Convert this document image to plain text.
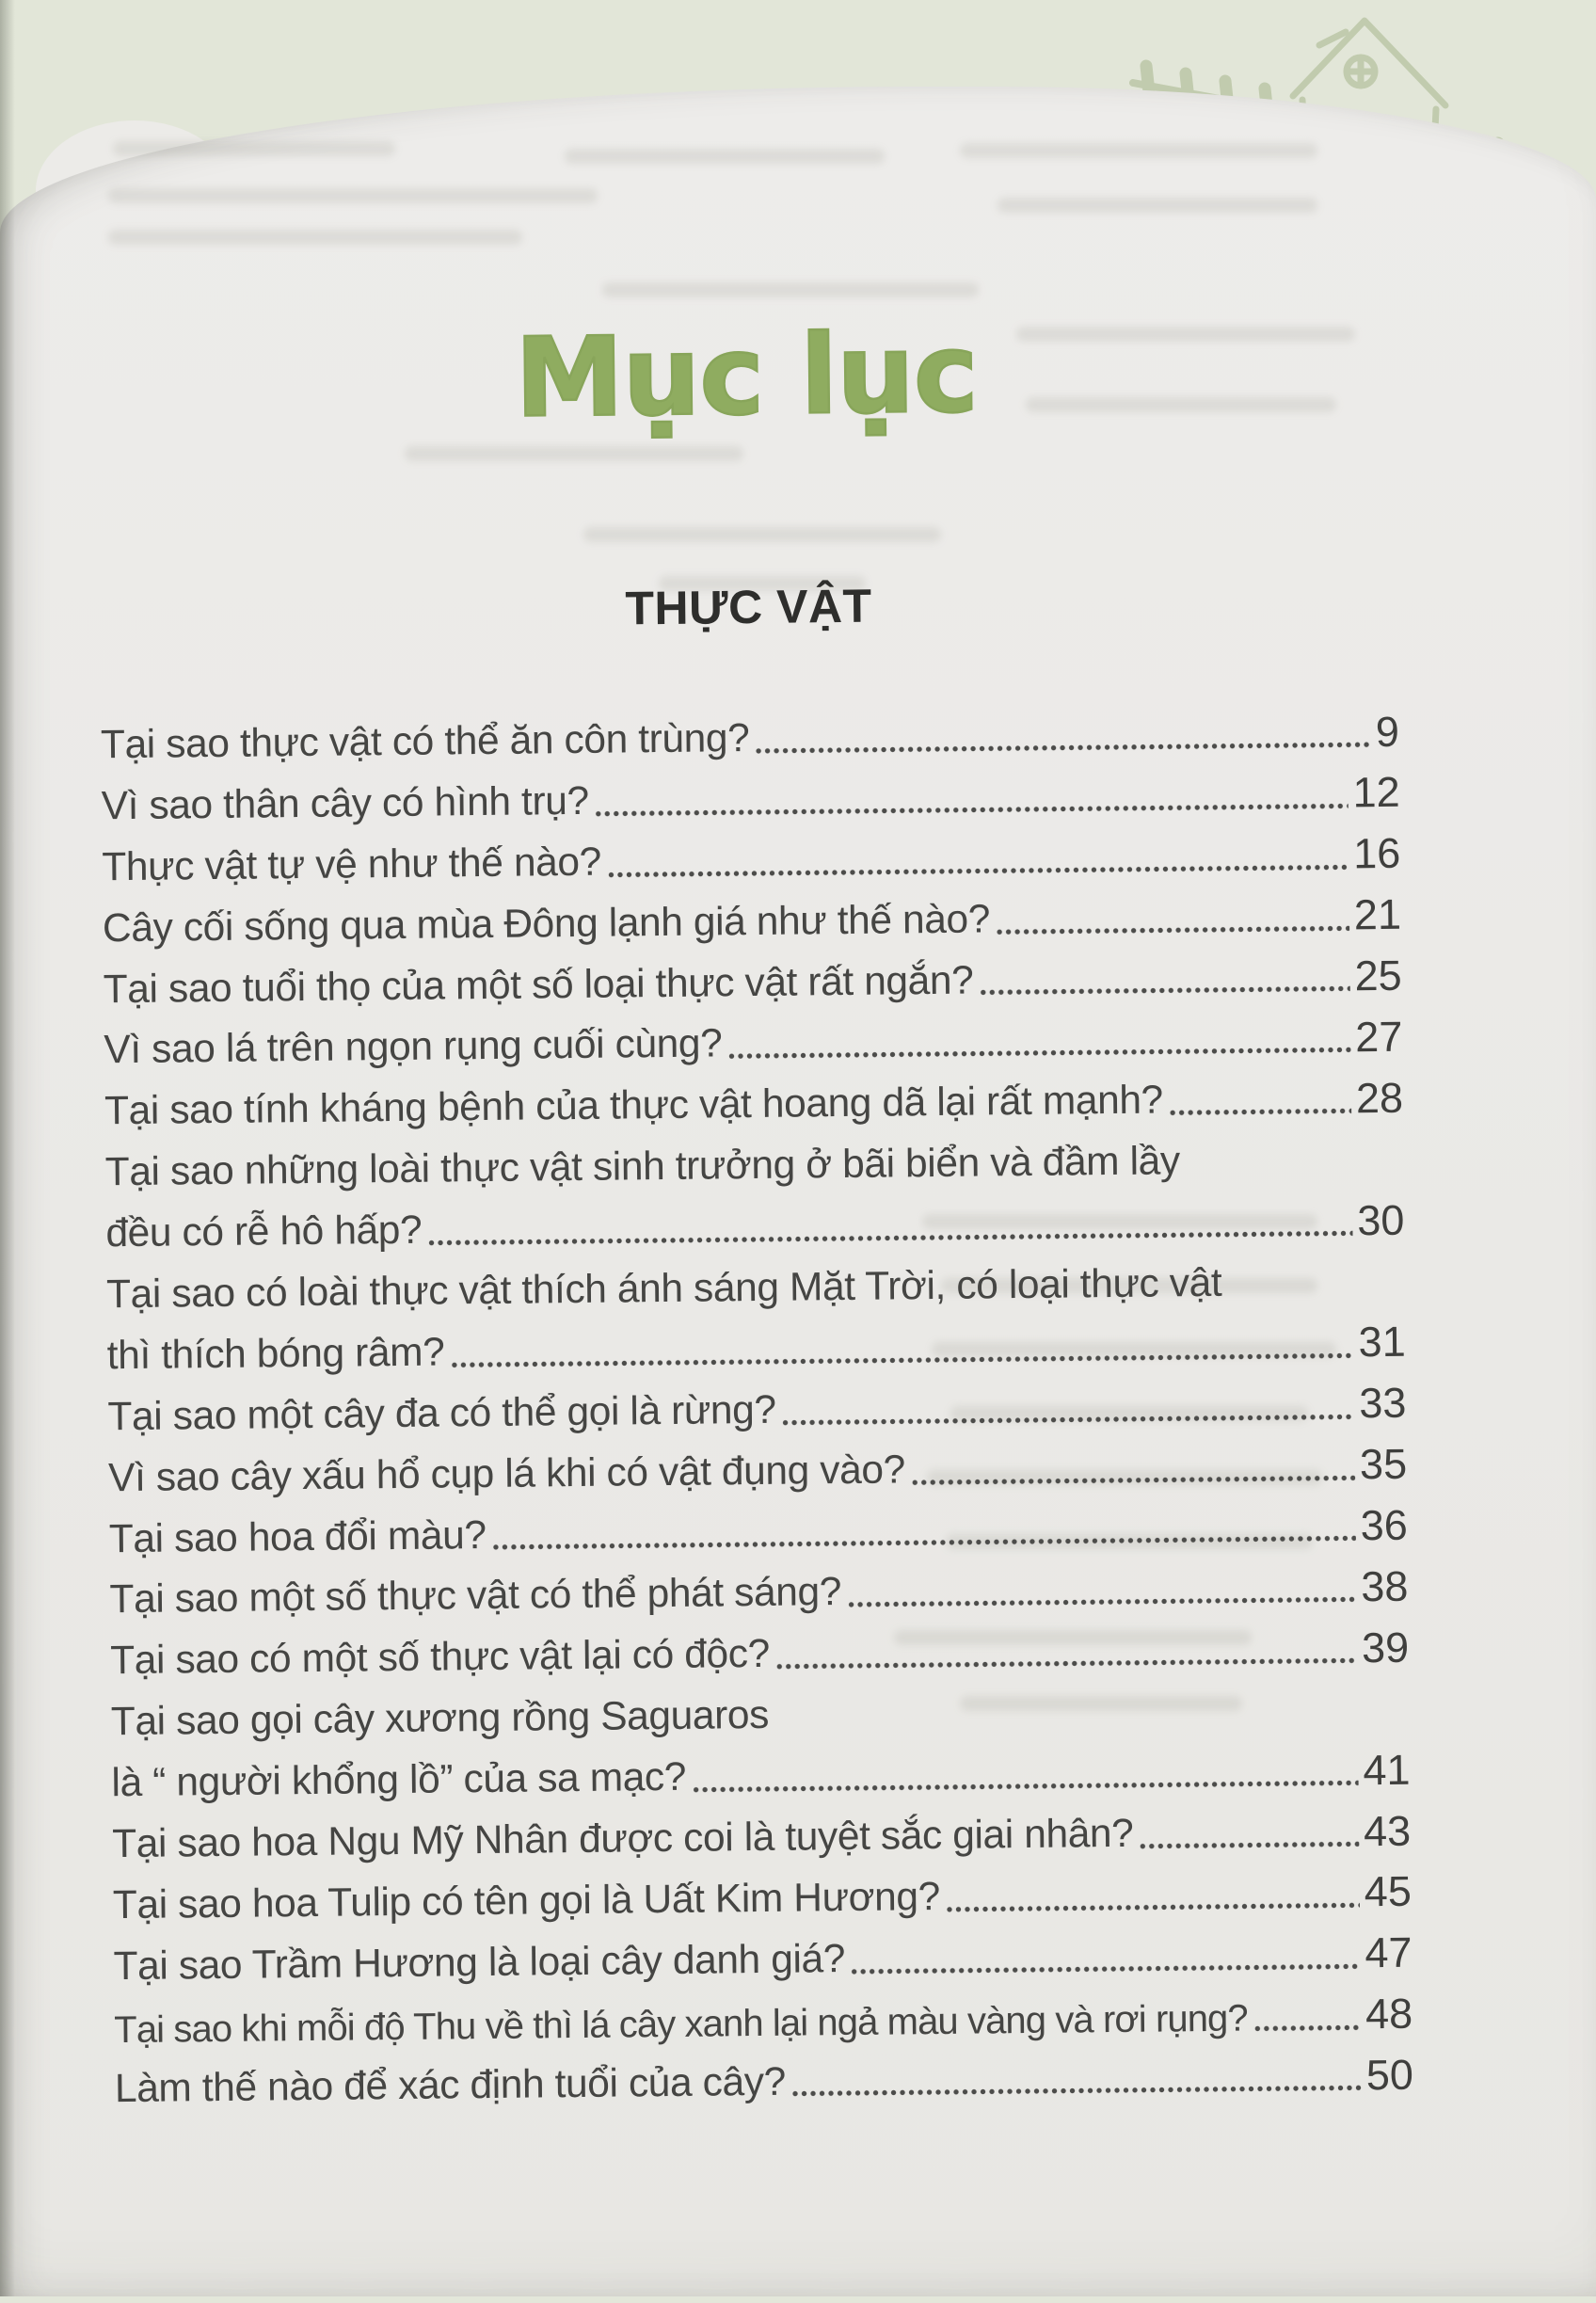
Mục lục
THỰC VẬT
Tại sao thực vật có thể ăn côn trùng?	9
Vì sao thân cây có hình trụ?	12
Thực vật tự vệ như thế nào?	16
Cây cối sống qua mùa Đông lạnh giá như thế nào?	21
Tại sao tuổi thọ của một số loại thực vật rất ngắn?	25
Vì sao lá trên ngọn rụng cuối cùng?	27
Tại sao tính kháng bệnh của thực vật hoang dã lại rất mạnh?	28
Tại sao những loài thực vật sinh trưởng ở bãi biển và đầm lầy
đều có rễ hô hấp?	30
Tại sao có loài thực vật thích ánh sáng Mặt Trời, có loại thực vật
thì thích bóng râm?	31
Tại sao một cây đa có thể gọi là rừng?	33
Vì sao cây xấu hổ cụp lá khi có vật đụng vào?	35
Tại sao hoa đổi màu?	36
Tại sao một số thực vật có thể phát sáng?	38
Tại sao có một số thực vật lại có độc?	39
Tại sao gọi cây xương rồng Saguaros
là “ người khổng lồ” của sa mạc?	41
Tại sao hoa Ngu Mỹ Nhân được coi là tuyệt sắc giai nhân?	43
Tại sao hoa Tulip có tên gọi là Uất Kim Hương?	45
Tại sao Trầm Hương là loại cây danh giá?	47
Tại sao khi mỗi độ Thu về thì lá cây xanh lại ngả màu vàng và rơi rụng?	48
Làm thế nào để xác định tuổi của cây?	50
